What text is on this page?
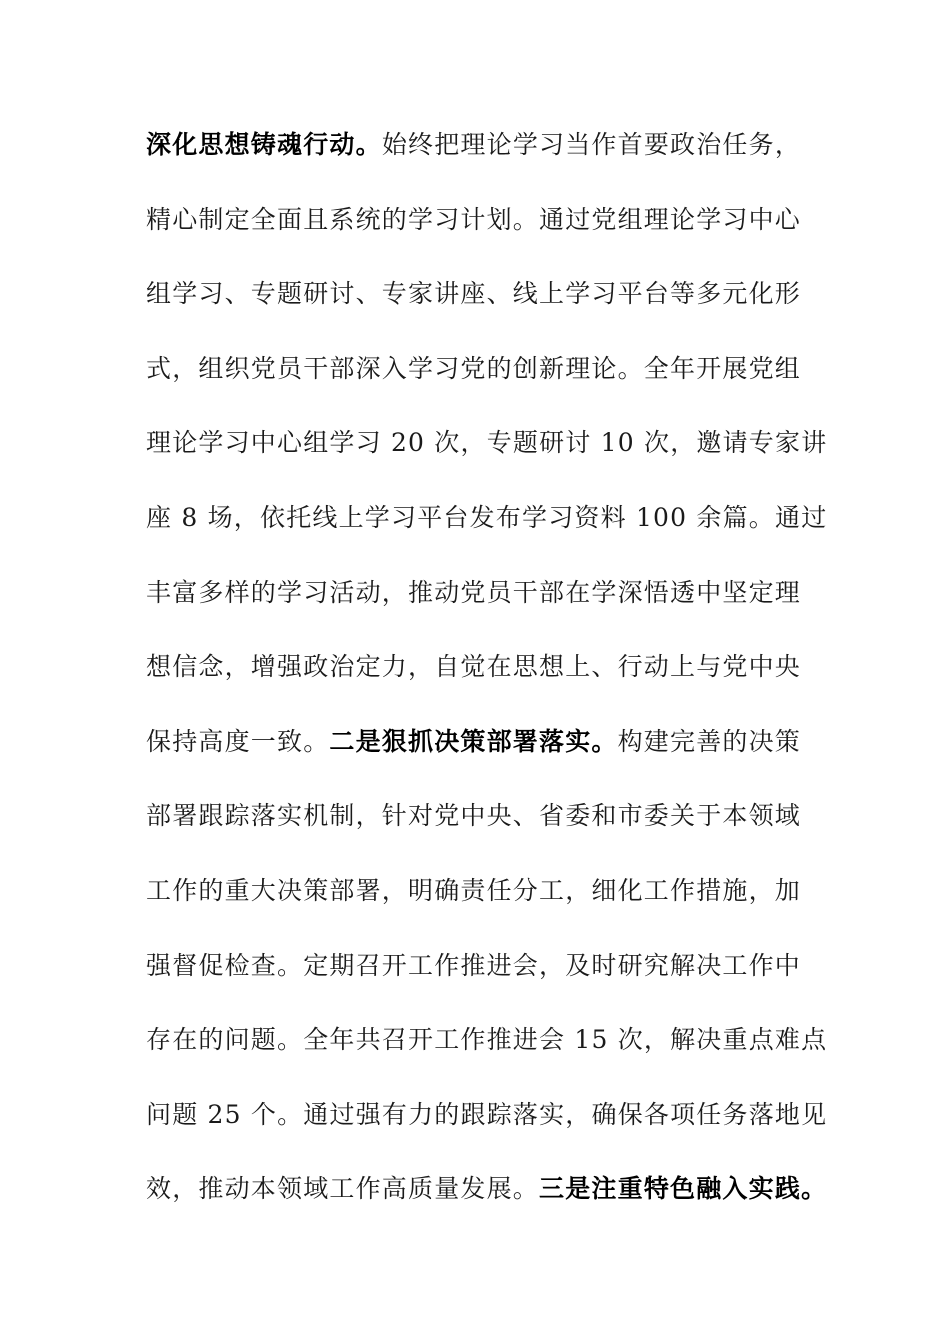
深化思想铸魂行动。始终把理论学习当作首要政治任务，
精心制定全面且系统的学习计划。通过党组理论学习中心
组学习、专题研讨、专家讲座、线上学习平台等多元化形
式，组织党员干部深入学习党的创新理论。全年开展党组
理论学习中心组学习 20 次，专题研讨 10 次，邀请专家讲
座 8 场，依托线上学习平台发布学习资料 100 余篇。通过
丰富多样的学习活动，推动党员干部在学深悟透中坚定理
想信念，增强政治定力，自觉在思想上、行动上与党中央
保持高度一致。二是狠抓决策部署落实。构建完善的决策
部署跟踪落实机制，针对党中央、省委和市委关于本领域
工作的重大决策部署，明确责任分工，细化工作措施，加
强督促检查。定期召开工作推进会，及时研究解决工作中
存在的问题。全年共召开工作推进会 15 次，解决重点难点
问题 25 个。通过强有力的跟踪落实，确保各项任务落地见
效，推动本领域工作高质量发展。三是注重特色融入实践。
